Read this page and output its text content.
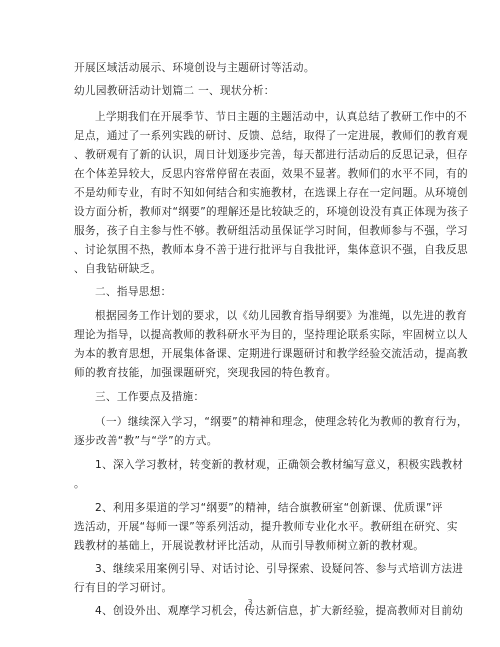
开展区域活动展示、环境创设与主题研讨等活动。
幼儿园教研活动计划篇二 一、现状分析：
上学期我们在开展季节、节日主题的主题活动中，认真总结了教研工作中的不
足点，通过了一系列实践的研讨、反馈、总结，取得了一定进展，教师们的教育观
、教研观有了新的认识，周日计划逐步完善，每天都进行活动后的反思记录，但存
在个体差异较大，反思内容常停留在表面，效果不显著。教师们的水平不同，有的
不是幼师专业，有时不知如何结合和实施教材，在选课上存在一定问题。从环境创
设方面分析，教师对“纲要”的理解还是比较缺乏的，环境创设没有真正体现为孩子
服务，孩子自主参与性不够。教研组活动虽保证学习时间，但教师参与不强，学习
、讨论氛围不热，教师本身不善于进行批评与自我批评，集体意识不强，自我反思
、自我钻研缺乏。
二、指导思想：
根据园务工作计划的要求，以《幼儿园教育指导纲要》为准绳，以先进的教育
理论为指导，以提高教师的教科研水平为目的，坚持理论联系实际，牢固树立以人
为本的教育思想，开展集体备课、定期进行课题研讨和教学经验交流活动，提高教
师的教育技能，加强课题研究，突现我园的特色教育。
三、工作要点及措施：
（一）继续深入学习，“纲要”的精神和理念，使理念转化为教师的教育行为，
逐步改善“教”与“学”的方式。
1、深入学习教材，转变新的教材观，正确领会教材编写意义，积极实践教材
。
2、利用多渠道的学习“纲要”的精神，结合旗教研室“创新课、优质课”评
选活动，开展“每师一课”等系列活动，提升教师专业化水平。教研组在研究、实
践教材的基础上，开展说教材评比活动，从而引导教师树立新的教材观。
3、继续采用案例引导、对话讨论、引导探索、设疑问答、参与式培训方法进
行有目的学习研讨。
4、创设外出、观摩学习机会，传达新信息，扩大新经验，提高教师对目前幼
3
